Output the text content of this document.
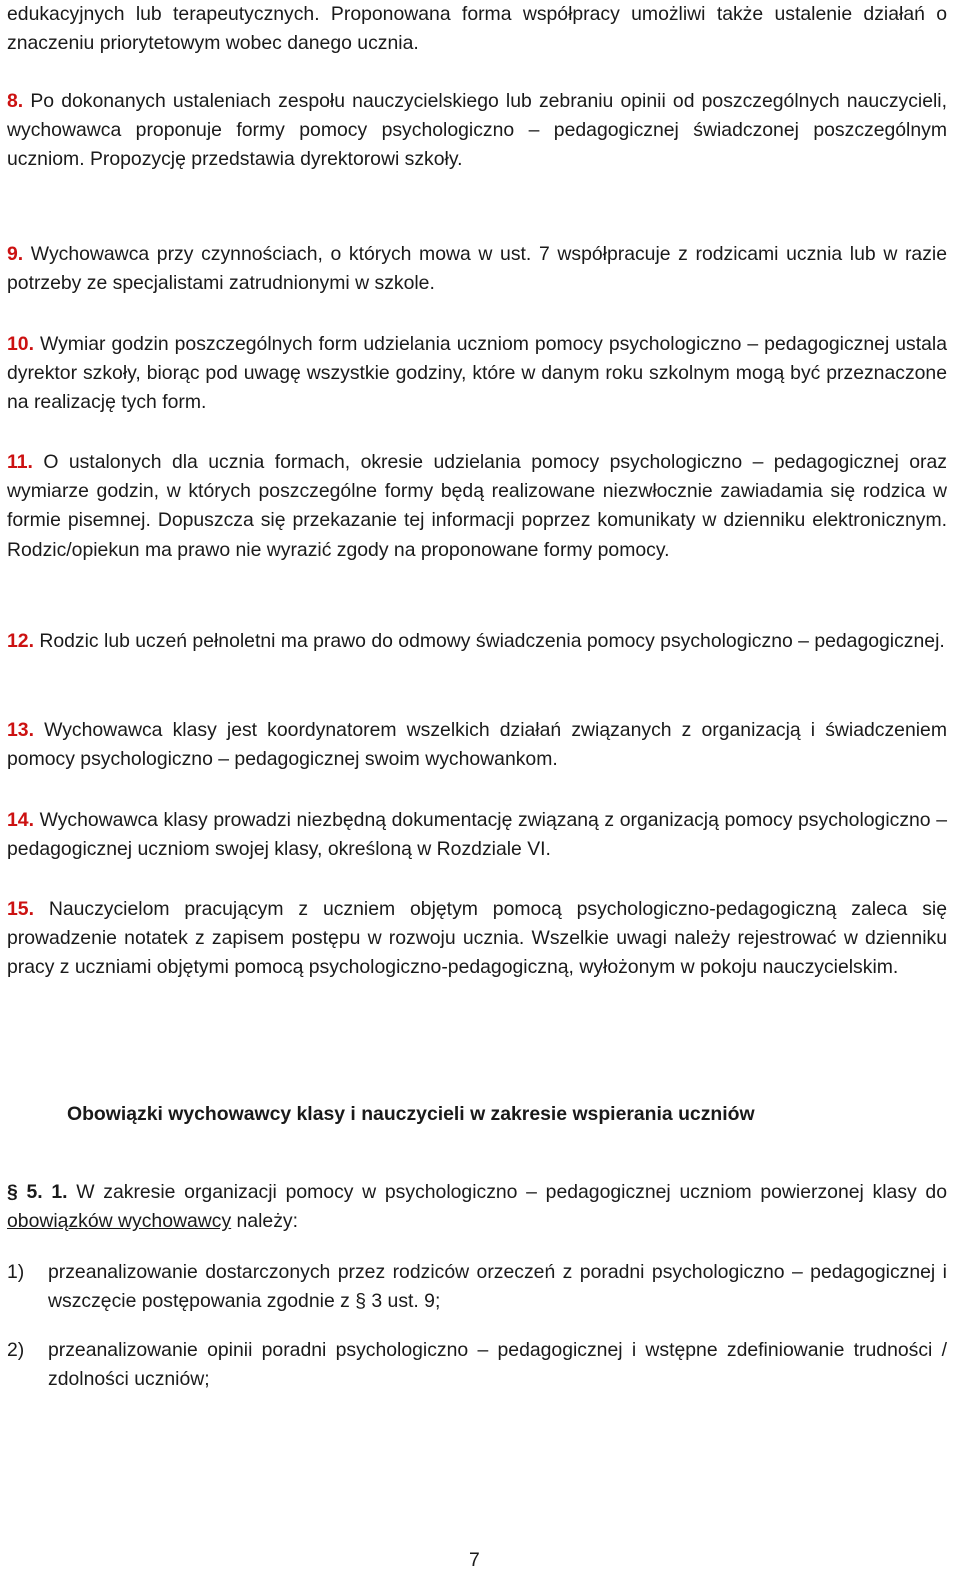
edukacyjnych lub terapeutycznych. Proponowana forma współpracy umożliwi także ustalenie działań o znaczeniu priorytetowym wobec danego ucznia.

8. Po dokonanych ustaleniach zespołu nauczycielskiego lub zebraniu opinii od poszczególnych nauczycieli, wychowawca proponuje formy pomocy psychologiczno – pedagogicznej świadczonej poszczególnym uczniom. Propozycję przedstawia dyrektorowi szkoły.

9. Wychowawca przy czynnościach, o których mowa w ust. 7 współpracuje z rodzicami ucznia lub w razie potrzeby ze specjalistami zatrudnionymi w szkole.

10. Wymiar godzin poszczególnych form udzielania uczniom pomocy psychologiczno – pedagogicznej ustala dyrektor szkoły, biorąc pod uwagę wszystkie godziny, które w danym roku szkolnym mogą być przeznaczone na realizację tych form.

11. O ustalonych dla ucznia formach, okresie udzielania pomocy psychologiczno – pedagogicznej oraz wymiarze godzin, w których poszczególne formy będą realizowane niezwłocznie zawiadamia się rodzica w formie pisemnej. Dopuszcza się przekazanie tej informacji poprzez komunikaty w dzienniku elektronicznym. Rodzic/opiekun ma prawo nie wyrazić zgody na proponowane formy pomocy.

12. Rodzic lub uczeń pełnoletni ma prawo do odmowy świadczenia pomocy psychologiczno – pedagogicznej.

13. Wychowawca klasy jest koordynatorem wszelkich działań związanych z organizacją i świadczeniem pomocy psychologiczno – pedagogicznej swoim wychowankom.

14. Wychowawca klasy prowadzi niezbędną dokumentację związaną z organizacją pomocy psychologiczno – pedagogicznej uczniom swojej klasy, określoną w Rozdziale VI.

15. Nauczycielom pracującym z uczniem objętym pomocą psychologiczno-pedagogiczną zaleca się prowadzenie notatek z zapisem postępu w rozwoju ucznia. Wszelkie uwagi należy rejestrować w dzienniku pracy z uczniami objętymi pomocą psychologiczno-pedagogiczną, wyłożonym w pokoju nauczycielskim.

Obowiązki wychowawcy klasy i nauczycieli w zakresie wspierania uczniów

§ 5. 1. W zakresie organizacji pomocy w psychologiczno – pedagogicznej uczniom powierzonej klasy do obowiązków wychowawcy należy:

1)	przeanalizowanie dostarczonych przez rodziców orzeczeń z poradni psychologiczno – pedagogicznej i wszczęcie postępowania zgodnie z § 3 ust. 9;
2)	przeanalizowanie opinii poradni psychologiczno – pedagogicznej i wstępne zdefiniowanie trudności / zdolności uczniów;
7
